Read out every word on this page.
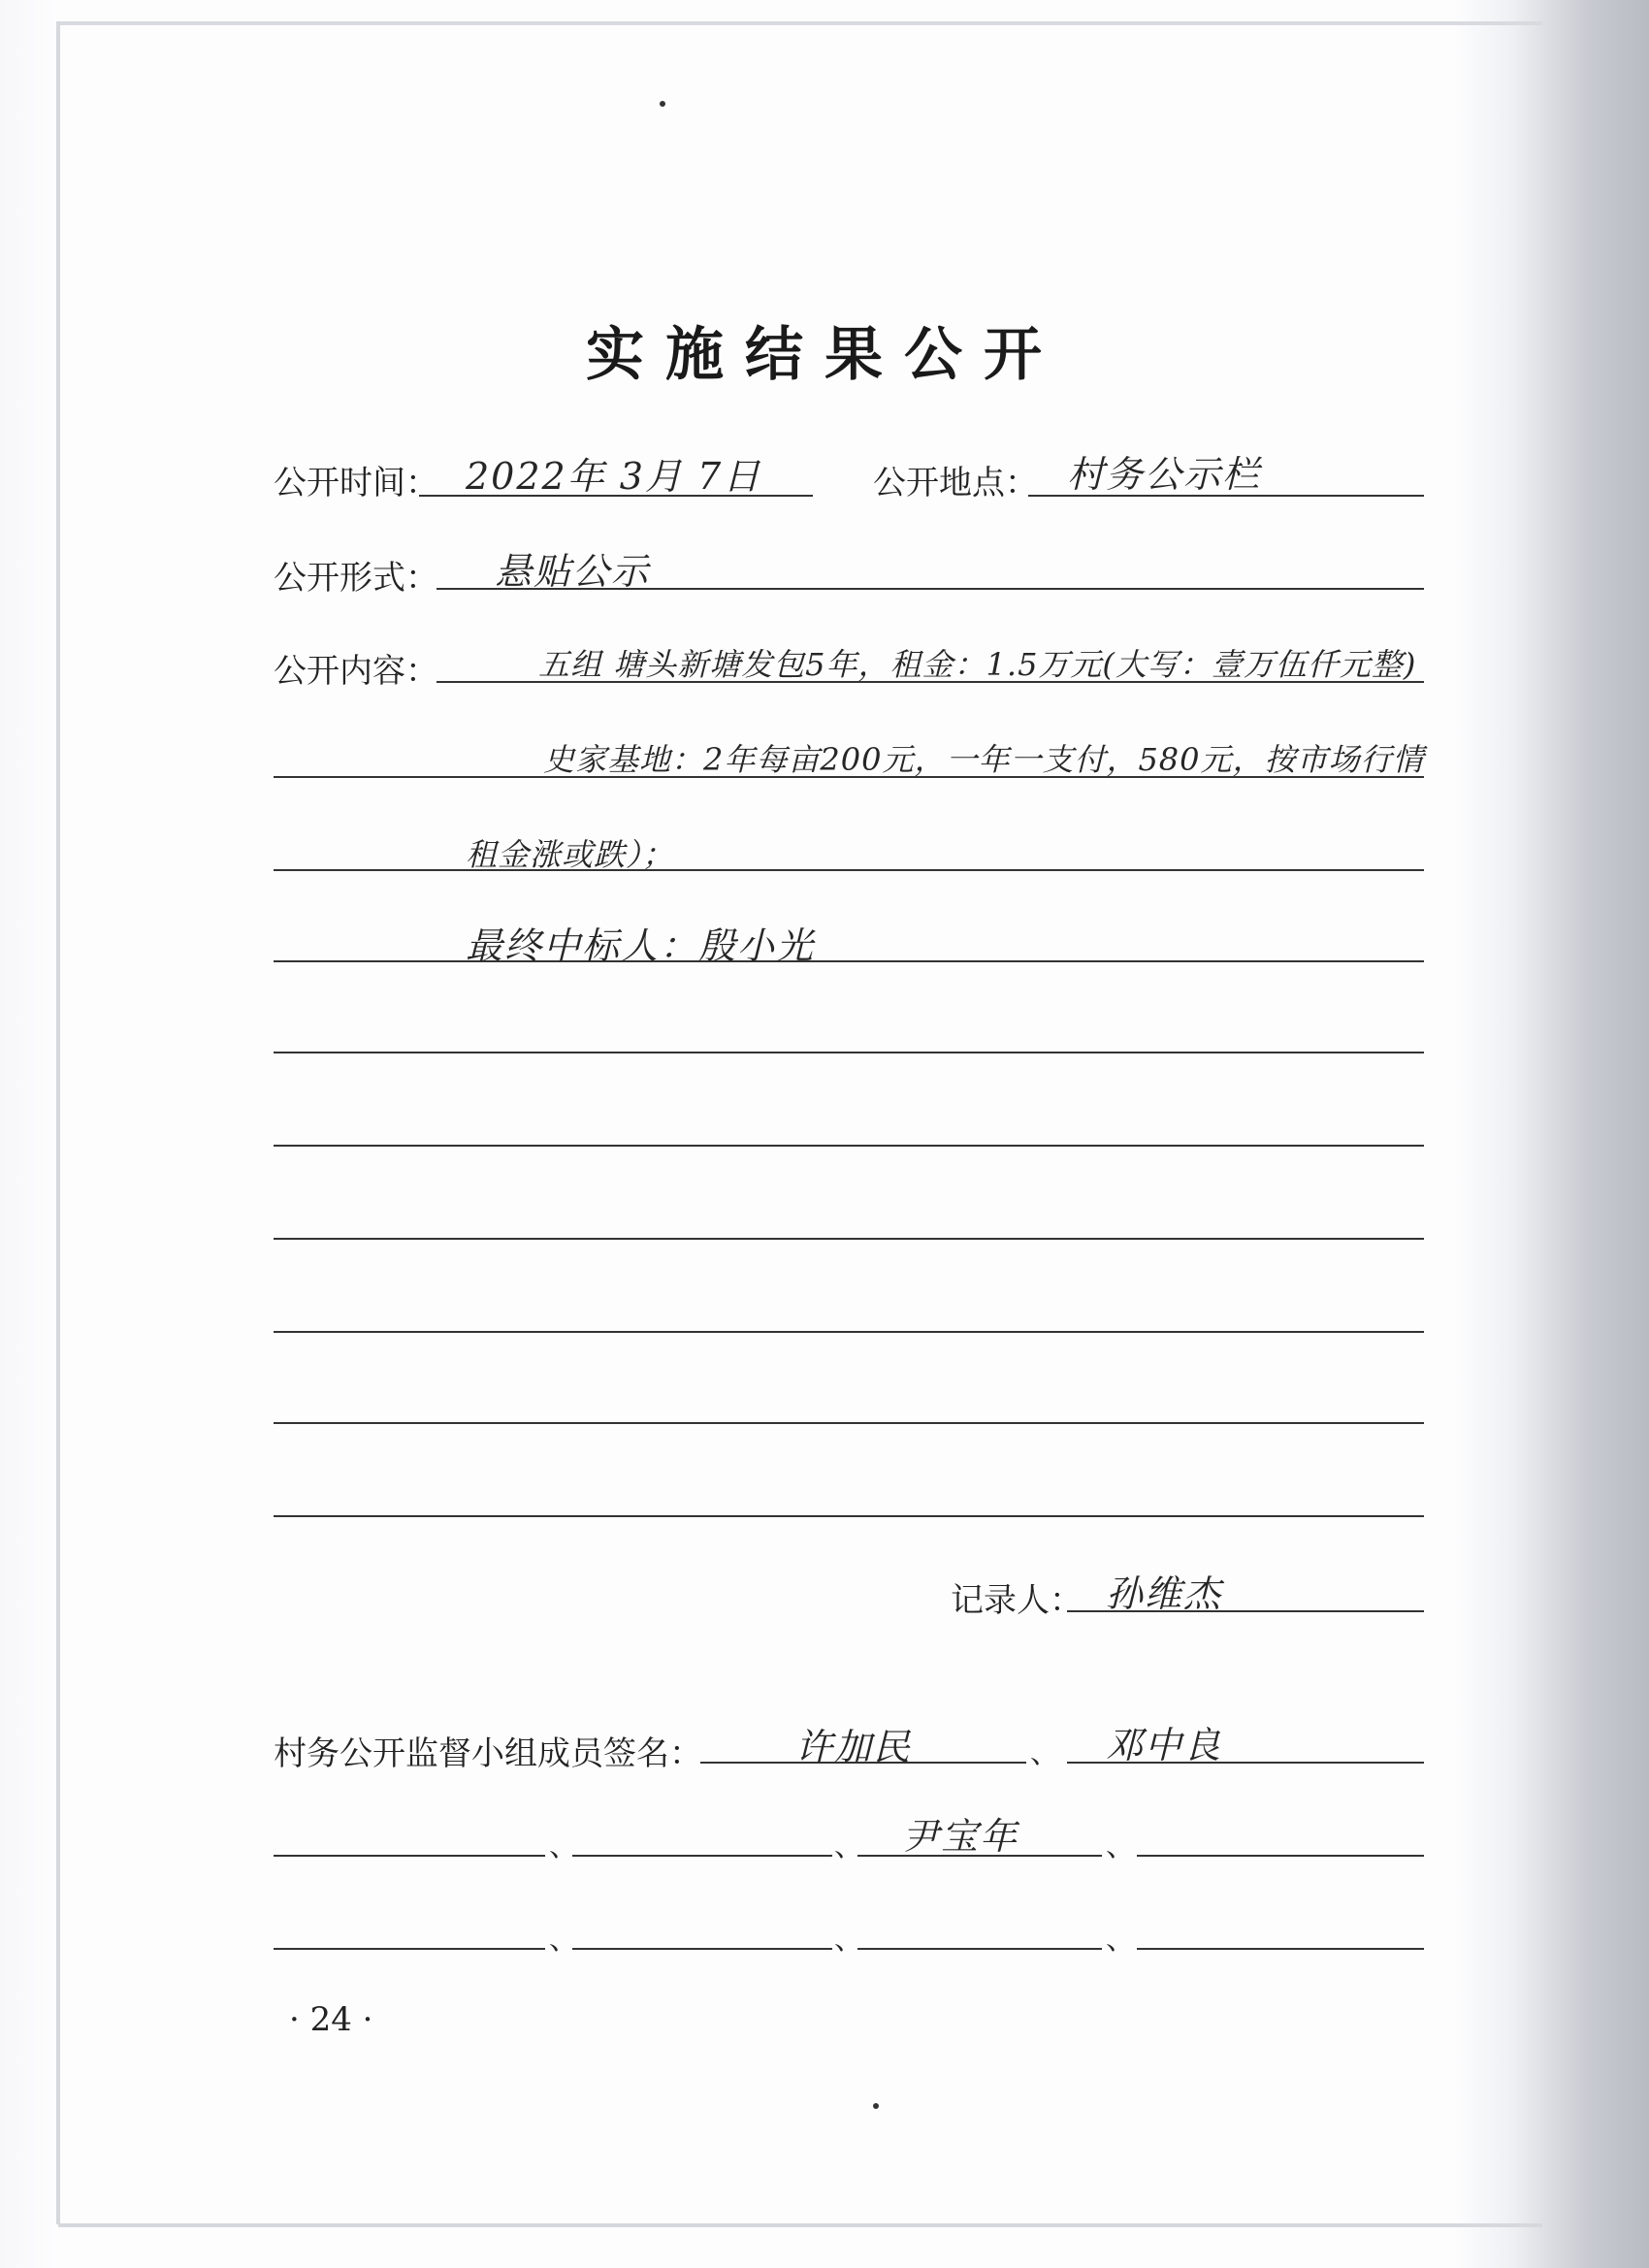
实施结果公开
公开时间： 2022年 3月 7日	公开地点： 村务公示栏
公开形式： 悬贴公示
公开内容：	五组 塘头新塘发包5年，租金：1.5万元(大写：壹万伍仟元整)
史家基地：2年每亩200元，一年一支付，580元，按市场行情
租金涨或跌）；
最终中标人：殷小光
记录人： 孙维杰
村务公开监督小组成员签名：	许加民	、 邓中良
、	、 尹宝年	、
、	、	、
· 24 ·
